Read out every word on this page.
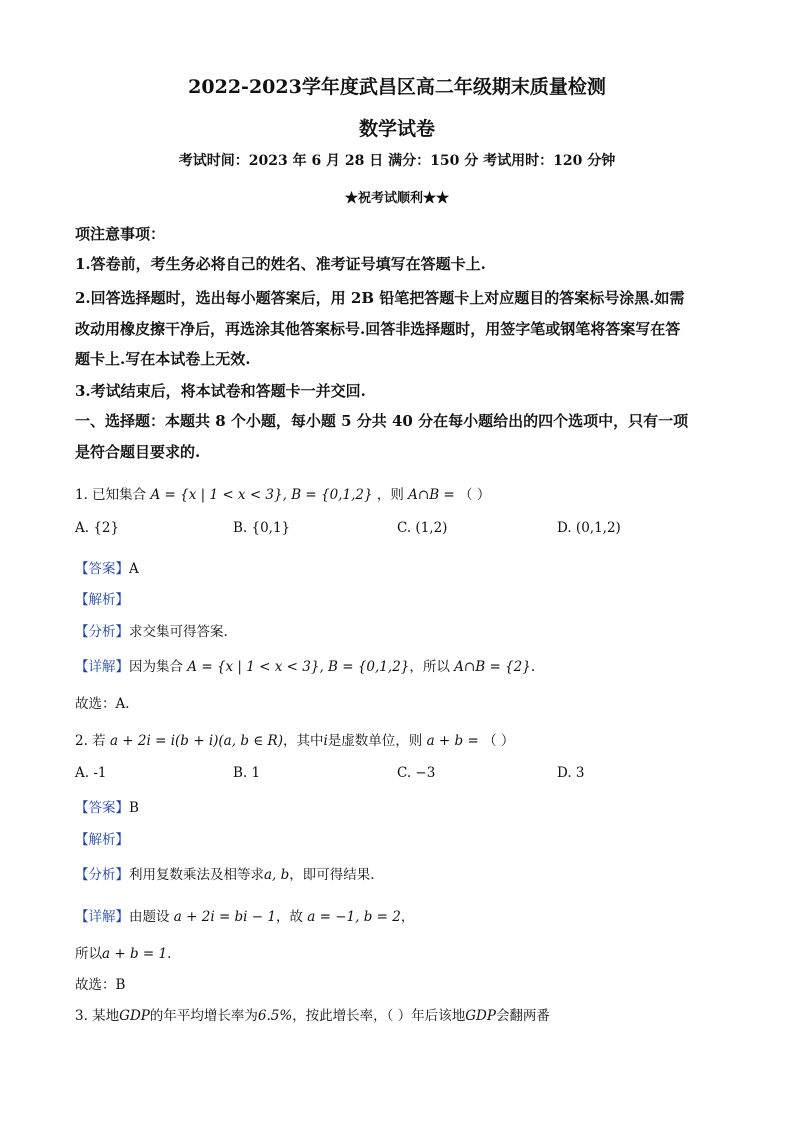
2022-2023学年度武昌区高二年级期末质量检测
数学试卷
考试时间：2023 年 6 月 28 日 满分：150 分 考试用时：120 分钟
★祝考试顺利★★
项注意事项：
1.答卷前，考生务必将自己的姓名、准考证号填写在答题卡上.
2.回答选择题时，选出每小题答案后，用 2B 铅笔把答题卡上对应题目的答案标号涂黑.如需
改动用橡皮擦干净后，再选涂其他答案标号.回答非选择题时，用签字笔或钢笔将答案写在答
题卡上.写在本试卷上无效.
3.考试结束后，将本试卷和答题卡一并交回.
一、选择题：本题共 8 个小题，每小题 5 分共 40 分在每小题给出的四个选项中，只有一项
是符合题目要求的.
1. 已知集合 A = {x | 1 < x < 3}, B = {0,1,2} ，则 A∩B = （ ）
A. {2}	B. {0,1}	C. (1,2)	D. (0,1,2)
【答案】A
【解析】
【分析】求交集可得答案.
【详解】因为集合 A = {x | 1 < x < 3}, B = {0,1,2}，所以 A∩B = {2}.
故选：A.
2. 若 a + 2i = i(b + i)(a, b ∈ R)，其中i是虚数单位，则 a + b = （ ）
A. -1	B. 1	C. −3	D. 3
【答案】B
【解析】
【分析】利用复数乘法及相等求a, b，即可得结果.
【详解】由题设 a + 2i = bi − 1，故 a = −1, b = 2，
所以a + b = 1.
故选：B
3. 某地GDP的年平均增长率为6.5%，按此增长率，（ ）年后该地GDP会翻两番
